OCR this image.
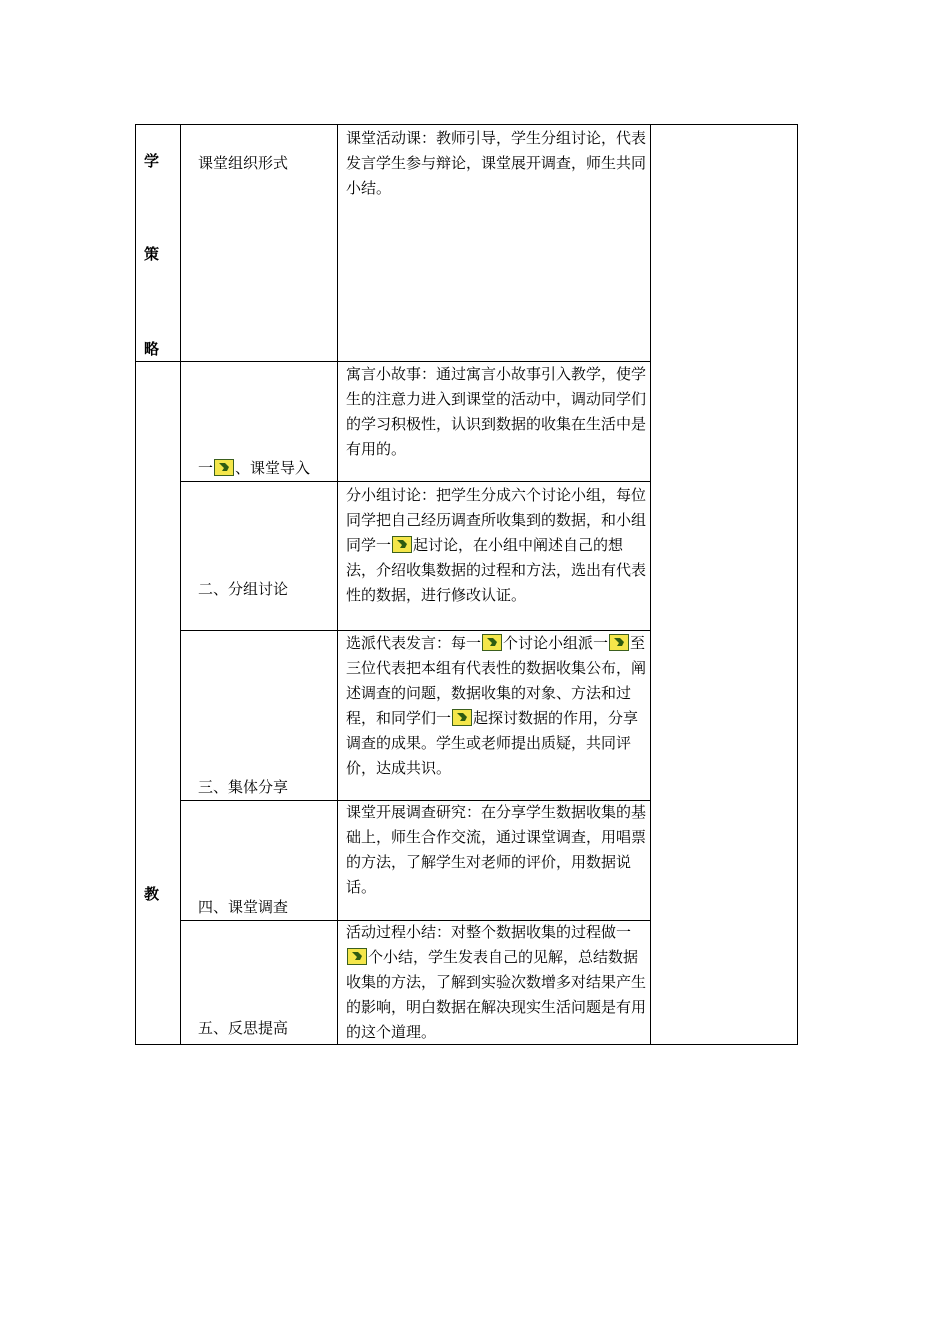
学
策
略
教
课堂组织形式
课堂活动课：教师引导，学生分组讨论，代表发言学生参与辩论，课堂展开调查，师生共同小结。
一 、课堂导入
寓言小故事：通过寓言小故事引入教学，使学生的注意力进入到课堂的活动中，调动同学们的学习积极性，认识到数据的收集在生活中是有用的。
二、分组讨论
分小组讨论：把学生分成六个讨论小组，每位同学把自己经历调查所收集到的数据，和小组同学一 起讨论，在小组中阐述自己的想法，介绍收集数据的过程和方法，选出有代表性的数据，进行修改认证。
三、集体分享
选派代表发言：每一 个讨论小组派一 至三位代表把本组有代表性的数据收集公布，阐述调查的问题，数据收集的对象、方法和过程，和同学们一 起探讨数据的作用，分享调查的成果。学生或老师提出质疑，共同评价，达成共识。
四、课堂调查
课堂开展调查研究：在分享学生数据收集的基础上，师生合作交流，通过课堂调查，用唱票的方法，了解学生对老师的评价，用数据说话。
五、反思提高
活动过程小结：对整个数据收集的过程做一个小结，学生发表自己的见解，总结数据收集的方法，了解到实验次数增多对结果产生的影响，明白数据在解决现实生活问题是有用的这个道理。
